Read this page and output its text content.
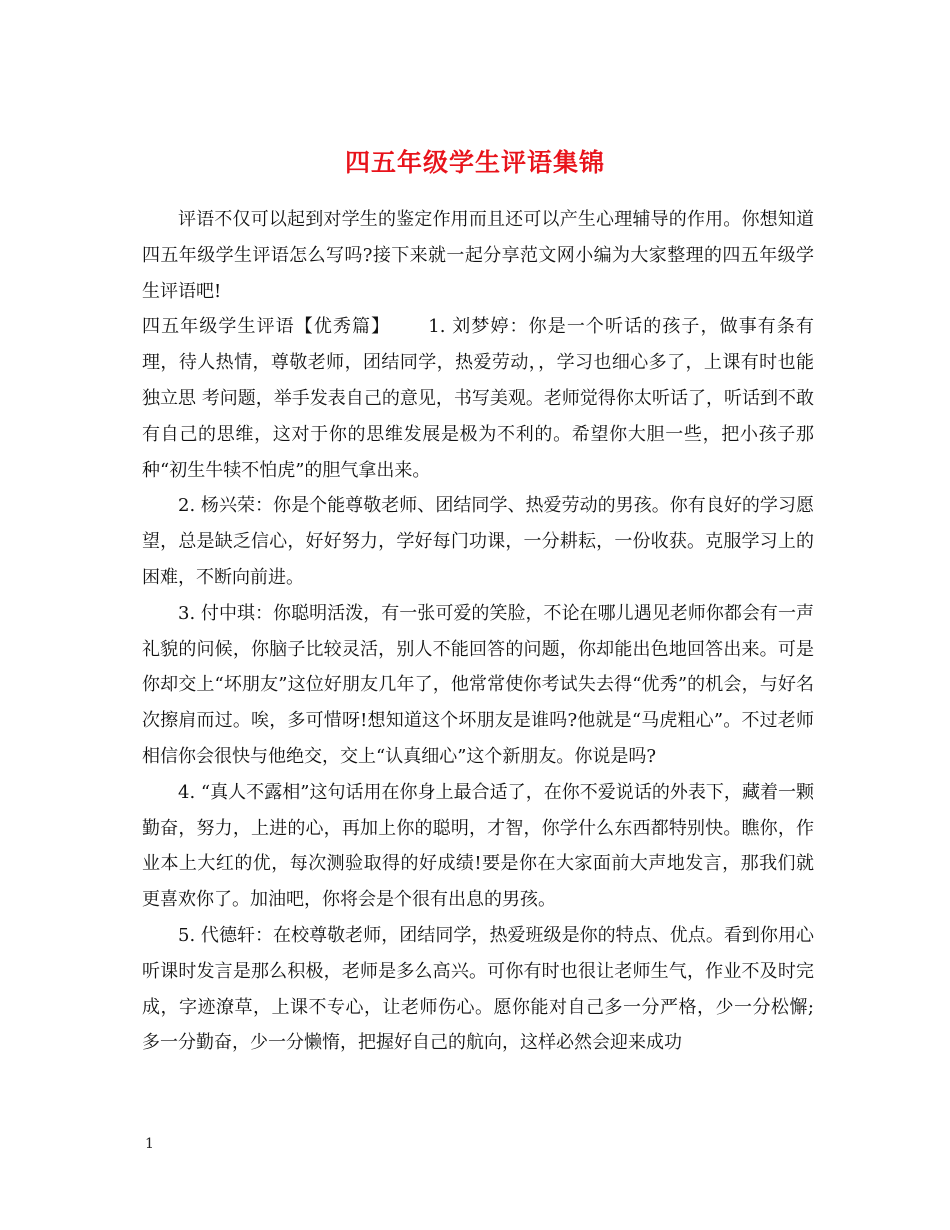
四五年级学生评语集锦

评语不仅可以起到对学生的鉴定作用而且还可以产生心理辅导的作用。你想知道四五年级学生评语怎么写吗?接下来就一起分享范文网小编为大家整理的四五年级学生评语吧!

四五年级学生评语【优秀篇】 1. 刘梦婷：你是一个听话的孩子，做事有条有理，待人热情，尊敬老师，团结同学，热爱劳动，，学习也细心多了，上课有时也能独立思 考问题，举手发表自己的意见，书写美观。老师觉得你太听话了，听话到不敢有自己的思维，这对于你的思维发展是极为不利的。希望你大胆一些，把小孩子那种“初生牛犊不怕虎”的胆气拿出来。

2. 杨兴荣：你是个能尊敬老师、团结同学、热爱劳动的男孩。你有良好的学习愿望，总是缺乏信心，好好努力，学好每门功课，一分耕耘，一份收获。克服学习上的困难，不断向前进。

3. 付中琪：你聪明活泼，有一张可爱的笑脸，不论在哪儿遇见老师你都会有一声礼貌的问候，你脑子比较灵活，别人不能回答的问题，你却能出色地回答出来。可是你却交上“坏朋友”这位好朋友几年了，他常常使你考试失去得“优秀”的机会，与好名次擦肩而过。唉，多可惜呀!想知道这个坏朋友是谁吗?他就是“马虎粗心”。不过老师相信你会很快与他绝交，交上“认真细心”这个新朋友。你说是吗?

4. “真人不露相”这句话用在你身上最合适了，在你不爱说话的外表下，藏着一颗勤奋，努力，上进的心，再加上你的聪明，才智，你学什么东西都特别快。瞧你，作业本上大红的优，每次测验取得的好成绩!要是你在大家面前大声地发言，那我们就更喜欢你了。加油吧，你将会是个很有出息的男孩。

5. 代德轩：在校尊敬老师，团结同学，热爱班级是你的特点、优点。看到你用心听课时发言是那么积极，老师是多么高兴。可你有时也很让老师生气，作业不及时完成，字迹潦草，上课不专心，让老师伤心。愿你能对自己多一分严格，少一分松懈;多一分勤奋，少一分懒惰，把握好自己的航向，这样必然会迎来成功

1
